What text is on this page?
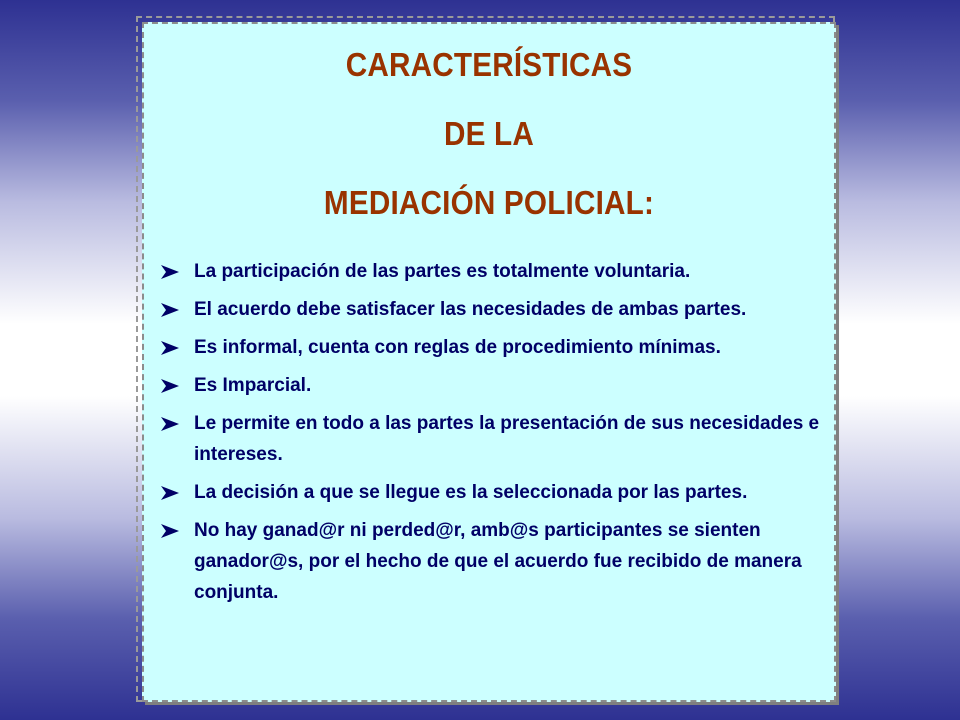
CARACTERÍSTICAS
DE LA
MEDIACIÓN POLICIAL:
La participación de las partes es totalmente voluntaria.
El acuerdo debe satisfacer las necesidades de ambas partes.
Es informal, cuenta con reglas de procedimiento mínimas.
Es Imparcial.
Le permite en todo a las partes la presentación de sus necesidades e intereses.
La decisión a que se llegue es la seleccionada por las partes.
No hay ganad@r ni perded@r, amb@s participantes se sienten ganador@s, por el hecho de que el acuerdo fue recibido de manera conjunta.
